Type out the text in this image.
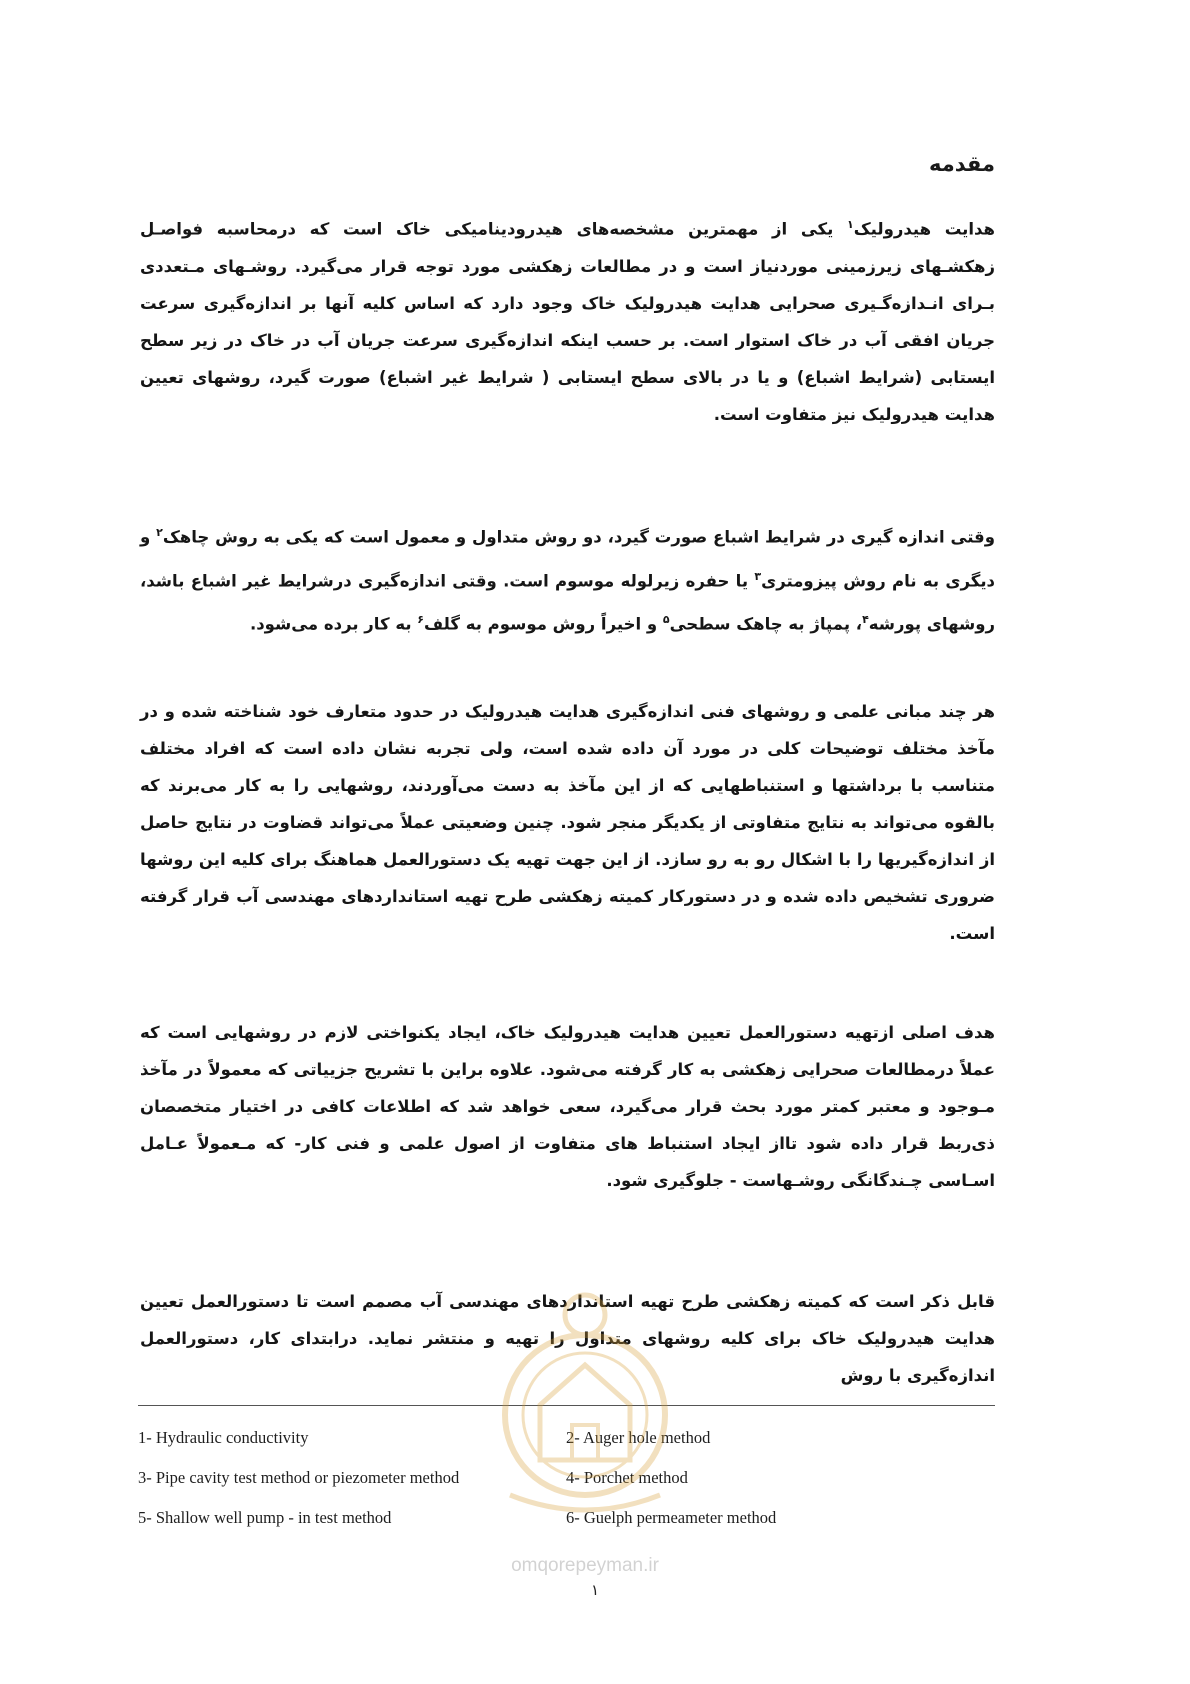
مقدمه

هدایت هیدرولیک$^۱$ یکی از مهمترین مشخصه‌های هیدرودینامیکی خاک است که درمحاسبه فواصـل زهکشـهای زیرزمینی موردنیاز است و در مطالعات زهکشی مورد توجه قرار می‌گیرد. روشـهای مـتعددی بـرای انـدازه‌گـیری صحرایی هدایت هیدرولیک خاک وجود دارد که اساس کلیه آنها بر اندازه‌گیری سرعت جریان افقی آب در خاک استوار است. بر حسب اینکه اندازه‌گیری سرعت جریان آب در خاک در زیر سطح ایستابی (شرایط اشباع) و یا در بالای سطح ایستابی ( شرایط غیر اشباع) صورت گیرد، روشهای تعیین هدایت هیدرولیک نیز متفاوت است.

وقتی اندازه گیری در شرایط اشباع صورت گیرد، دو روش متداول و معمول است که یکی به روش چاهک$^۲$ و دیگری به نام روش پیزومتری$^۳$ یا حفره زیرلوله موسوم است. وقتی اندازه‌گیری درشرایط غیر اشباع باشد، روشهای پورشه$^۴$، پمپاژ به چاهک سطحی$^۵$ و اخیراً روش موسوم به گلف$^۶$ به کار برده می‌شود.

هر چند مبانی علمی و روشهای فنی اندازه‌گیری هدایت هیدرولیک در حدود متعارف خود شناخته شده و در مآخذ مختلف توضیحات کلی در مورد آن داده شده است، ولی تجربه نشان داده است که افراد مختلف متناسب با برداشتها و استنباطهایی که از این مآخذ به دست می‌آوردند، روشهایی را به کار می‌برند که بالقوه می‌تواند به نتایج متفاوتی از یکدیگر منجر شود. چنین وضعیتی عملاً می‌تواند قضاوت در نتایج حاصل از اندازه‌گیریها را با اشکال رو به رو سازد. از این جهت تهیه یک دستورالعمل هماهنگ برای کلیه این روشها ضروری تشخیص داده شده و در دستورکار کمیته زهکشی طرح تهیه استانداردهای مهندسی آب قرار گرفته است.

هدف اصلی ازتهیه دستورالعمل تعیین هدایت هیدرولیک خاک، ایجاد یکنواختی لازم در روشهایی است که عملاً درمطالعات صحرایی زهکشی به کار گرفته می‌شود. علاوه براین با تشریح جزییاتی که معمولاً در مآخذ مـوجود و معتبر کمتر مورد بحث قرار می‌گیرد، سعی خواهد شد که اطلاعات کافی در اختیار متخصصان ذی‌ربط قرار داده شود تااز ایجاد استنباط های متفاوت از اصول علمی و فنی کار- که مـعمولاً عـامل اسـاسی چـندگانگی روشـهاست - جلوگیری شود.

قابل ذکر است که کمیته زهکشی طرح تهیه استانداردهای مهندسی آب مصمم است تا دستورالعمل تعیین هدایت هیدرولیک خاک برای کلیه روشهای متداول را تهیه و منتشر نماید. درابتدای کار، دستورالعمل اندازه‌گیری با روش

1- Hydraulic conductivity	2- Auger hole method
3- Pipe cavity test method or piezometer method	4- Porchet method
5- Shallow well pump - in test method	6- Guelph permeameter method
omqorepeyman.ir
۱
